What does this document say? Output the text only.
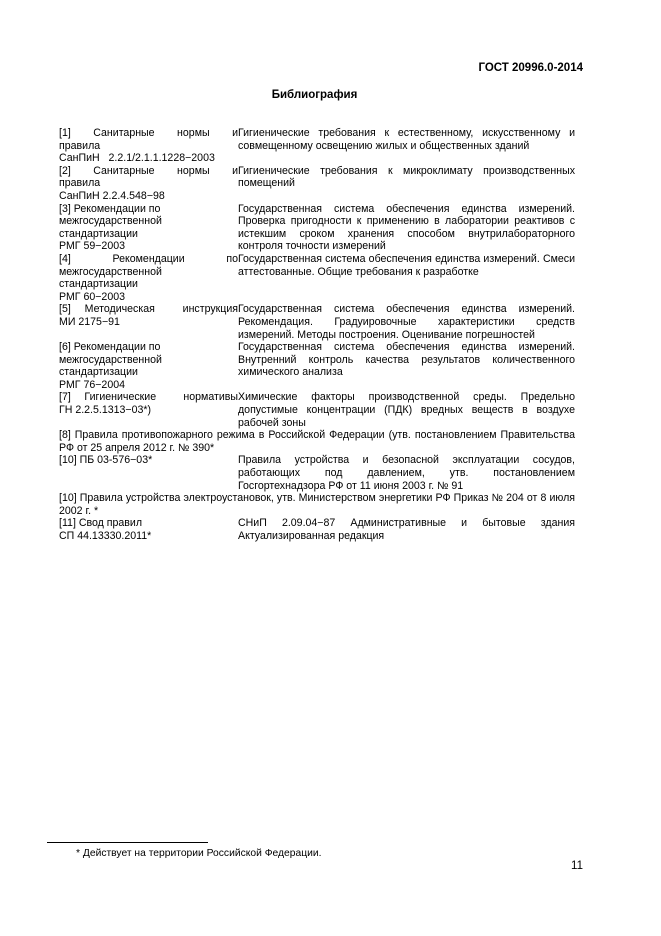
ГОСТ 20996.0-2014
Библиография
[1]     Санитарные     нормы     и
правила
СанПиН   2.2.1/2.1.1.1228−2003
Гигиенические требования к естественному, искусственному и совмещенному освещению жилых и общественных зданий
[2]     Санитарные     нормы     и
правила
СанПиН 2.2.4.548−98
Гигиенические требования к микроклимату производственных помещений
[3] Рекомендации по
межгосударственной
стандартизации
РМГ 59−2003
Государственная система обеспечения единства измерений. Проверка пригодности к применению в лаборатории реактивов с истекшим сроком хранения способом внутрилабораторного контроля точности измерений
[4]        Рекомендации        по
межгосударственной
стандартизации
РМГ 60−2003
Государственная система обеспечения единства измерений. Смеси аттестованные. Общие требования к разработке
[5] Методическая  инструкция
МИ 2175−91
Государственная система обеспечения единства измерений. Рекомендация. Градуировочные характеристики средств измерений. Методы построения. Оценивание погрешностей
[6] Рекомендации по
межгосударственной
стандартизации
РМГ 76−2004
Государственная система обеспечения единства измерений. Внутренний контроль качества результатов количественного химического анализа
[7] Гигиенические  нормативы
ГН 2.2.5.1313−03*)
Химические факторы производственной среды. Предельно допустимые концентрации (ПДК) вредных веществ в воздухе рабочей зоны
[8] Правила противопожарного режима в Российской Федерации (утв. постановлением Правительства РФ от 25 апреля 2012 г. № 390*
[10] ПБ 03-576−03*	Правила устройства и безопасной эксплуатации сосудов, работающих под давлением, утв. постановлением Госгортехнадзора РФ от 11 июня 2003 г. № 91
[10] Правила устройства электроустановок, утв. Министерством энергетики РФ Приказ № 204 от 8 июля 2002 г. *
[11] Свод правил
СП 44.13330.2011*
СНиП 2.09.04−87 Административные и бытовые здания Актуализированная редакция
* Действует на территории Российской Федерации.
11
